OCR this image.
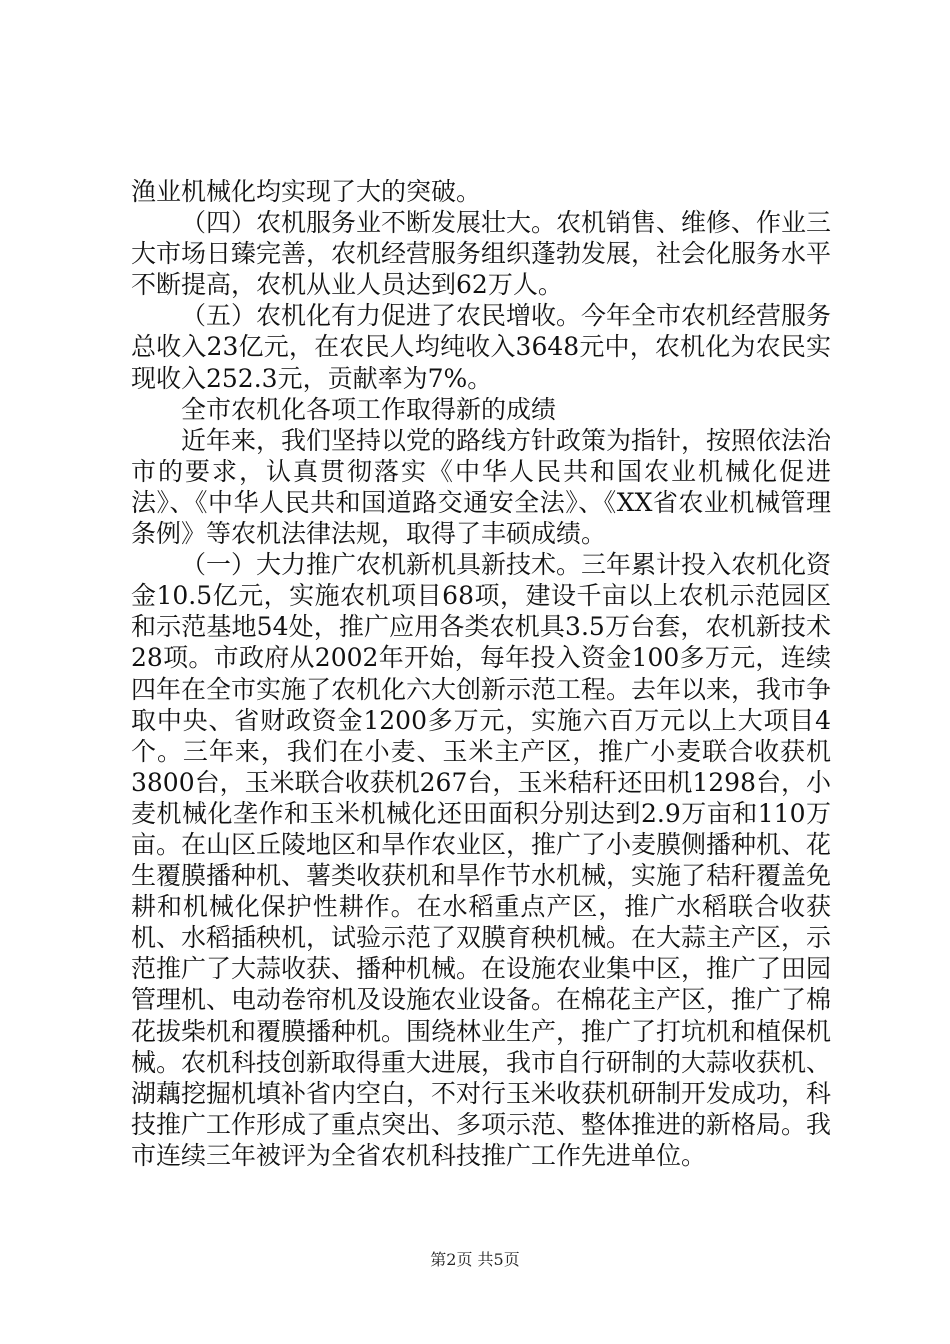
渔业机械化均实现了大的突破。

（四）农机服务业不断发展壮大。农机销售、维修、作业三大市场日臻完善，农机经营服务组织蓬勃发展，社会化服务水平不断提高，农机从业人员达到62万人。

（五）农机化有力促进了农民增收。今年全市农机经营服务总收入23亿元，在农民人均纯收入3648元中，农机化为农民实现收入252.3元，贡献率为7%。

全市农机化各项工作取得新的成绩

近年来，我们坚持以党的路线方针政策为指针，按照依法治市的要求，认真贯彻落实《中华人民共和国农业机械化促进法》、《中华人民共和国道路交通安全法》、《XX省农业机械管理条例》等农机法律法规，取得了丰硕成绩。

（一）大力推广农机新机具新技术。三年累计投入农机化资金10.5亿元，实施农机项目68项，建设千亩以上农机示范园区和示范基地54处，推广应用各类农机具3.5万台套，农机新技术28项。市政府从2002年开始，每年投入资金100多万元，连续四年在全市实施了农机化六大创新示范工程。去年以来，我市争取中央、省财政资金1200多万元，实施六百万元以上大项目4个。三年来，我们在小麦、玉米主产区，推广小麦联合收获机3800台，玉米联合收获机267台，玉米秸秆还田机1298台，小麦机械化垄作和玉米机械化还田面积分别达到2.9万亩和110万亩。在山区丘陵地区和旱作农业区，推广了小麦膜侧播种机、花生覆膜播种机、薯类收获机和旱作节水机械，实施了秸秆覆盖免耕和机械化保护性耕作。在水稻重点产区，推广水稻联合收获机、水稻插秧机，试验示范了双膜育秧机械。在大蒜主产区，示范推广了大蒜收获、播种机械。在设施农业集中区，推广了田园管理机、电动卷帘机及设施农业设备。在棉花主产区，推广了棉花拔柴机和覆膜播种机。围绕林业生产，推广了打坑机和植保机械。农机科技创新取得重大进展，我市自行研制的大蒜收获机、湖藕挖掘机填补省内空白，不对行玉米收获机研制开发成功，科技推广工作形成了重点突出、多项示范、整体推进的新格局。我市连续三年被评为全省农机科技推广工作先进单位。

第2页 共5页
